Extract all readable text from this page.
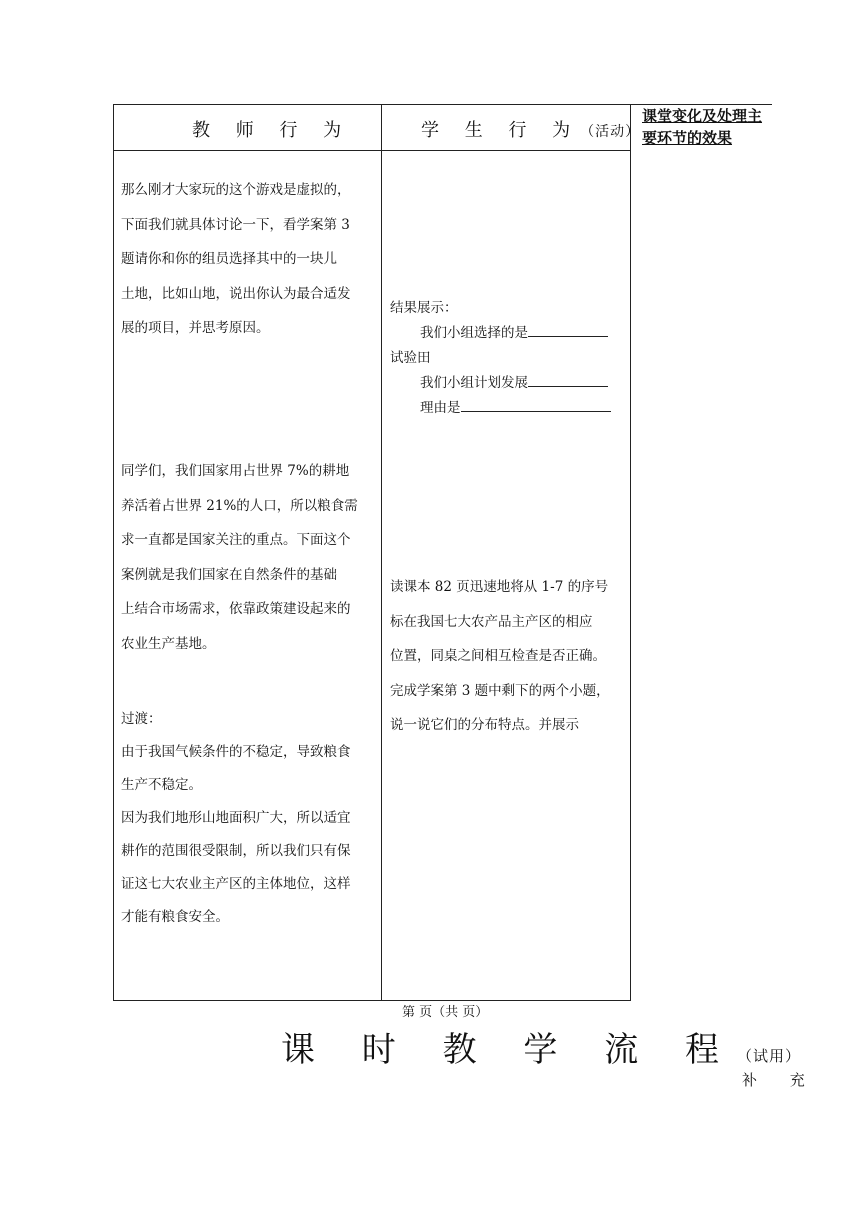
教 师 行 为	学 生 行 为（活动）
课堂变化及处理主要环节的效果
那么刚才大家玩的这个游戏是虚拟的，
下面我们就具体讨论一下，看学案第 3
题请你和你的组员选择其中的一块儿
土地，比如山地，说出你认为最合适发
展的项目，并思考原因。
同学们，我们国家用占世界 7%的耕地
养活着占世界 21%的人口，所以粮食需
求一直都是国家关注的重点。下面这个
案例就是我们国家在自然条件的基础
上结合市场需求，依靠政策建设起来的
农业生产基地。
过渡：
由于我国气候条件的不稳定，导致粮食
生产不稳定。
因为我们地形山地面积广大，所以适宜
耕作的范围很受限制，所以我们只有保
证这七大农业主产区的主体地位，这样
才能有粮食安全。
结果展示：
我们小组选择的是
试验田
我们小组计划发展
理由是
读课本 82 页迅速地将从 1-7 的序号
标在我国七大农产品主产区的相应
位置，同桌之间相互检查是否正确。
完成学案第 3 题中剩下的两个小题，
说一说它们的分布特点。并展示
第 页（共 页）
课 时 教 学 流 程（试用）
补 充
